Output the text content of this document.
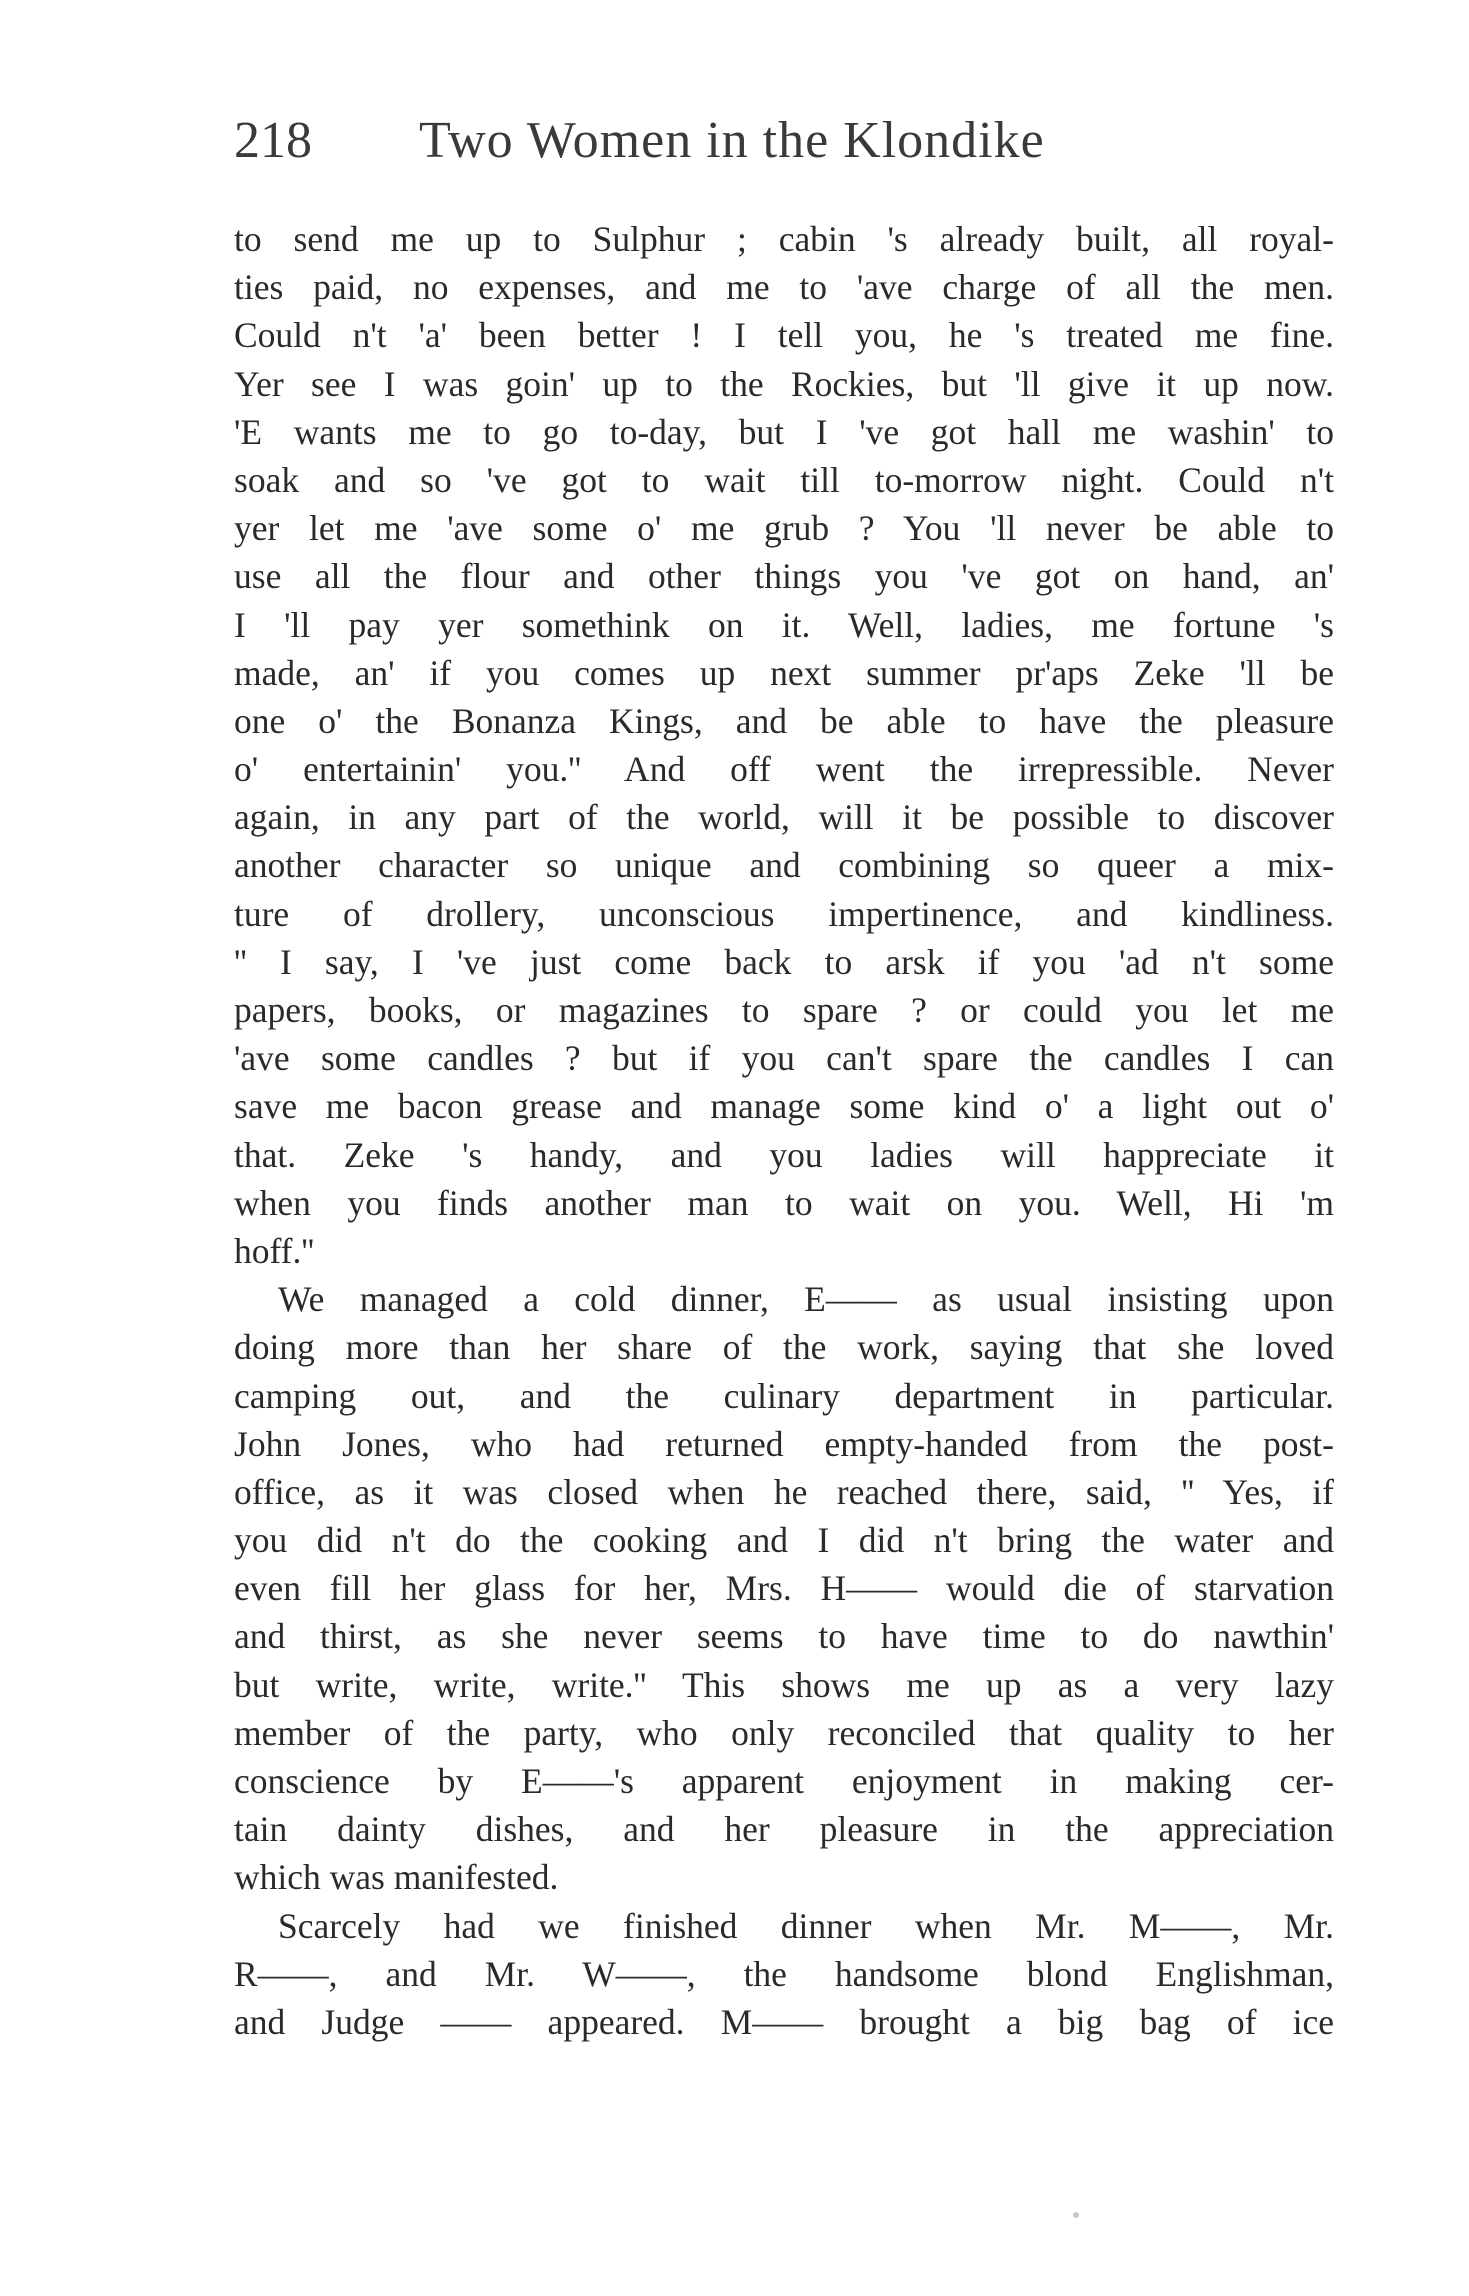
218 Two Women in the Klondike
to send me up to Sulphur ; cabin 's already built, all royal-
ties paid, no expenses, and me to 'ave charge of all the men.
Could n't 'a' been better ! I tell you, he 's treated me fine.
Yer see I was goin' up to the Rockies, but 'll give it up now.
'E wants me to go to-day, but I 've got hall me washin' to
soak and so 've got to wait till to-morrow night. Could n't
yer let me 'ave some o' me grub ? You 'll never be able to
use all the flour and other things you 've got on hand, an'
I 'll pay yer somethink on it. Well, ladies, me fortune 's
made, an' if you comes up next summer pr'aps Zeke 'll be
one o' the Bonanza Kings, and be able to have the pleasure
o' entertainin' you.'' And off went the irrepressible. Never
again, in any part of the world, will it be possible to discover
another character so unique and combining so queer a mix-
ture of drollery, unconscious impertinence, and kindliness.
'' I say, I 've just come back to arsk if you 'ad n't some
papers, books, or magazines to spare ? or could you let me
'ave some candles ? but if you can't spare the candles I can
save me bacon grease and manage some kind o' a light out o'
that. Zeke 's handy, and you ladies will happreciate it
when you finds another man to wait on you. Well, Hi 'm
hoff.''
We managed a cold dinner, E—— as usual insisting upon
doing more than her share of the work, saying that she loved
camping out, and the culinary department in particular.
John Jones, who had returned empty-handed from the post-
office, as it was closed when he reached there, said, '' Yes, if
you did n't do the cooking and I did n't bring the water and
even fill her glass for her, Mrs. H—— would die of starvation
and thirst, as she never seems to have time to do nawthin'
but write, write, write.'' This shows me up as a very lazy
member of the party, who only reconciled that quality to her
conscience by E——'s apparent enjoyment in making cer-
tain dainty dishes, and her pleasure in the appreciation
which was manifested.
Scarcely had we finished dinner when Mr. M——, Mr.
R——, and Mr. W——, the handsome blond Englishman,
and Judge —— appeared. M—— brought a big bag of ice
